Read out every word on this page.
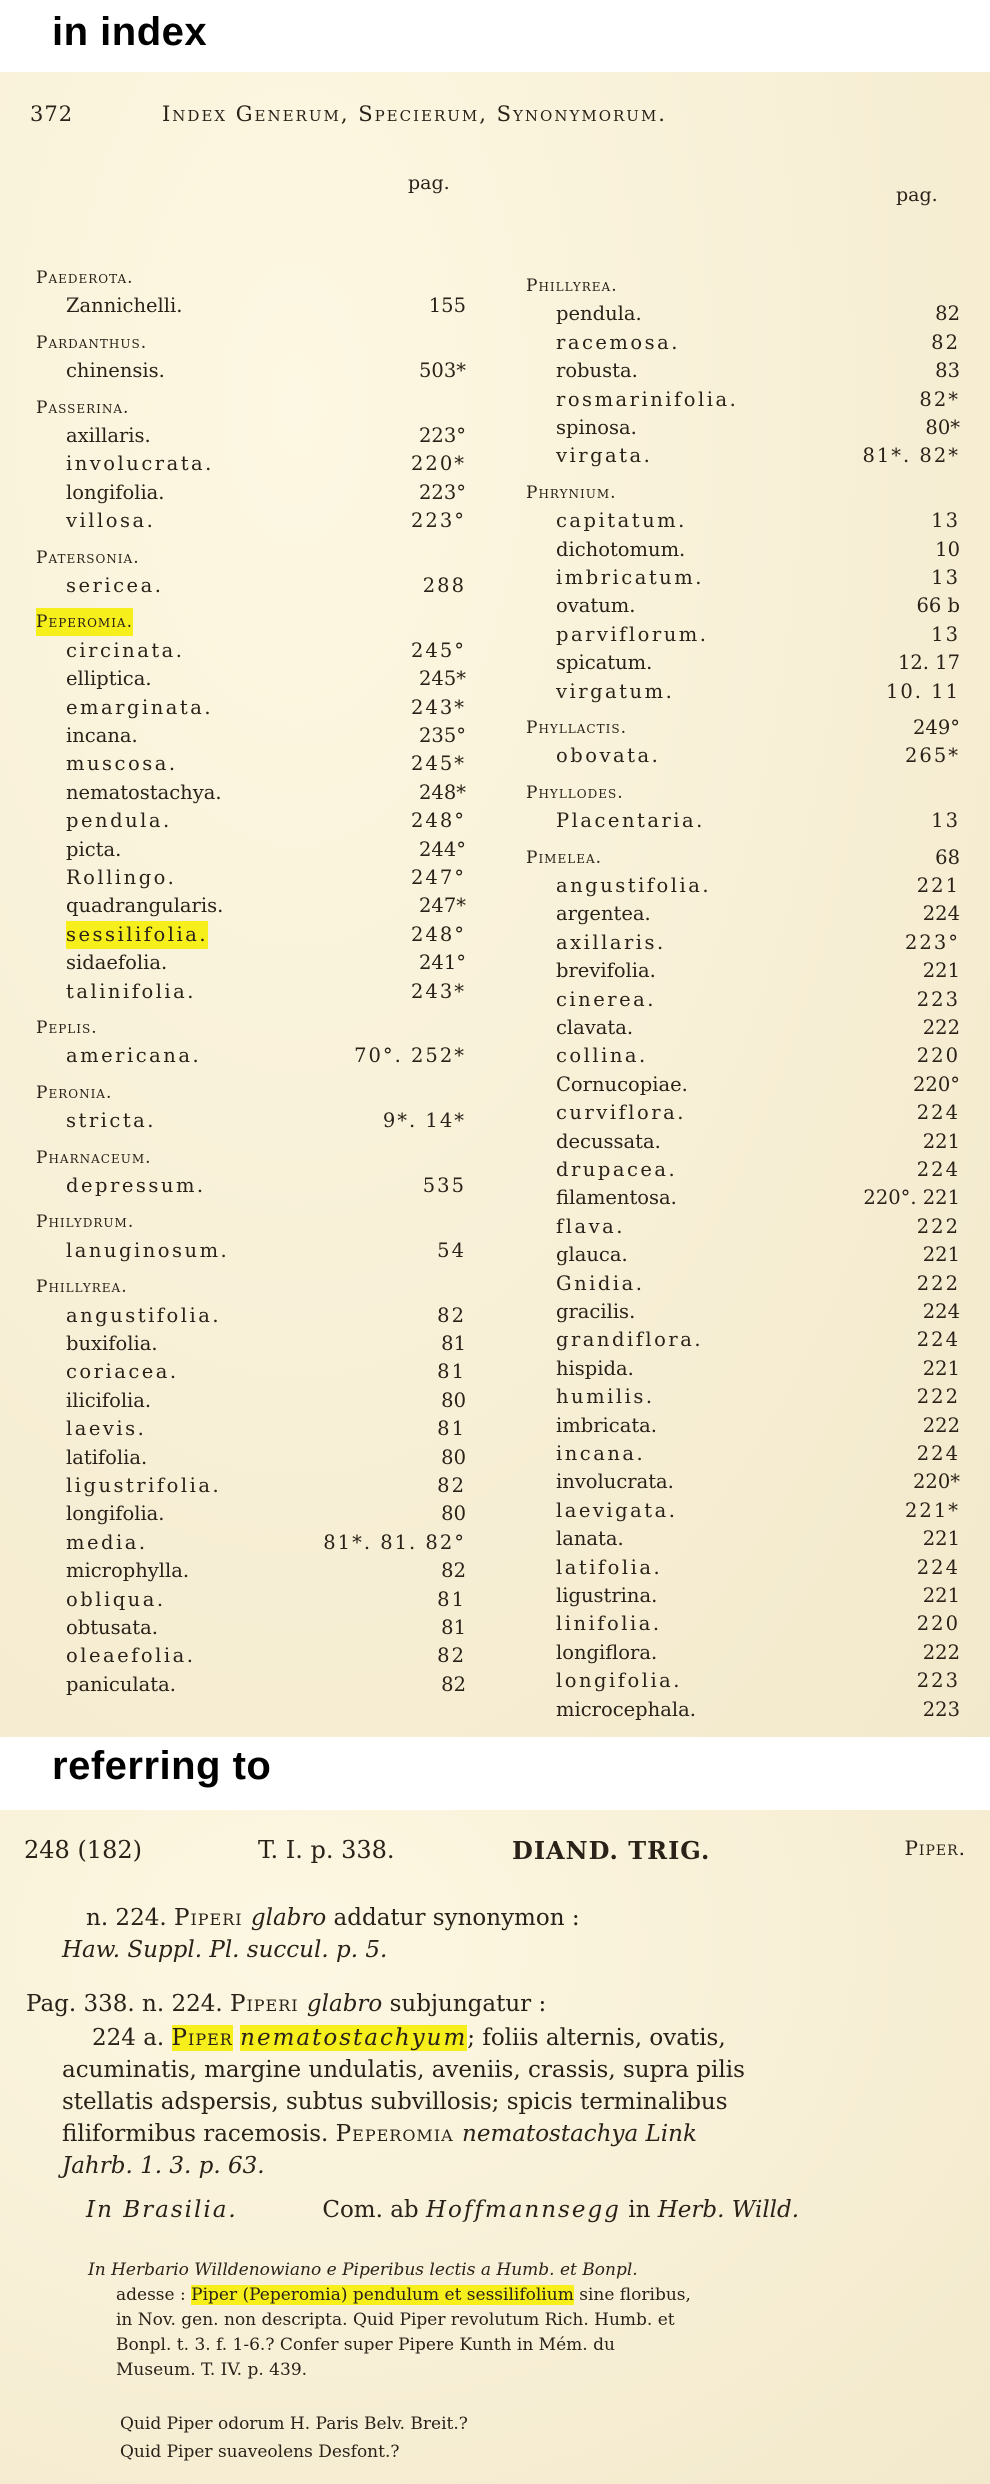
in index
372	Index Generum, Specierum, Synonymorum.
pag.
Paederota.
Zannichelli.	155
Pardanthus.
chinensis.	503*
Passerina.
axillaris.	223°
involucrata.	220*
longifolia.	223°
villosa.	223°
Patersonia.
sericea.	288
Peperomia.
circinata.	245°
elliptica.	245*
emarginata.	243*
incana.	235°
muscosa.	245*
nematostachya.	248*
pendula.	248°
picta.	244°
Rollingo.	247°
quadrangularis.	247*
sessilifolia.	248°
sidaefolia.	241°
talinifolia.	243*
Peplis.
americana.	70°. 252*
Peronia.
stricta.	9*. 14*
Pharnaceum.
depressum.	535
Philydrum.
lanuginosum.	54
Phillyrea.
angustifolia.	82
buxifolia.	81
coriacea.	81
ilicifolia.	80
laevis.	81
latifolia.	80
ligustrifolia.	82
longifolia.	80
media.	81*. 81. 82°
microphylla.	82
obliqua.	81
obtusata.	81
oleaefolia.	82
paniculata.	82
pag.
Phillyrea.
pendula.	82
racemosa.	82
robusta.	83
rosmarinifolia.	82*
spinosa.	80*
virgata.	81*. 82*
Phrynium.
capitatum.	13
dichotomum.	10
imbricatum.	13
ovatum.	66 b
parviflorum.	13
spicatum.	12. 17
virgatum.	10. 11
Phyllactis.	249°
obovata.	265*
Phyllodes.
Placentaria.	13
Pimelea.	68
angustifolia.	221
argentea.	224
axillaris.	223°
brevifolia.	221
cinerea.	223
clavata.	222
collina.	220
Cornucopiae.	220°
curviflora.	224
decussata.	221
drupacea.	224
filamentosa.	220°. 221
flava.	222
glauca.	221
Gnidia.	222
gracilis.	224
grandiflora.	224
hispida.	221
humilis.	222
imbricata.	222
incana.	224
involucrata.	220*
laevigata.	221*
lanata.	221
latifolia.	224
ligustrina.	221
linifolia.	220
longiflora.	222
longifolia.	223
microcephala.	223
referring to
248 (182)	T. I. p. 338.	DIAND. TRIG.	Piper.
n. 224. Piperi glabro addatur synonymon :
Haw. Suppl. Pl. succul. p. 5.
Pag. 338. n. 224. Piperi glabro subjungatur :
224 a. Piper nematostachyum; foliis alternis, ovatis,
acuminatis, margine undulatis, aveniis, crassis, supra pilis
stellatis adspersis, subtus subvillosis; spicis terminalibus
filiformibus racemosis. Peperomia nematostachya Link
Jahrb. 1. 3. p. 63.
In Brasilia.	Com. ab Hoffmannsegg in Herb. Willd.
In Herbario Willdenowiano e Piperibus lectis a Humb. et Bonpl.
adesse : Piper (Peperomia) pendulum et sessilifolium sine floribus,
in Nov. gen. non descripta. Quid Piper revolutum Rich. Humb. et
Bonpl. t. 3. f. 1-6.? Confer super Pipere Kunth in Mém. du
Museum. T. IV. p. 439.
Quid Piper odorum H. Paris Belv. Breit.?
Quid Piper suaveolens Desfont.?
